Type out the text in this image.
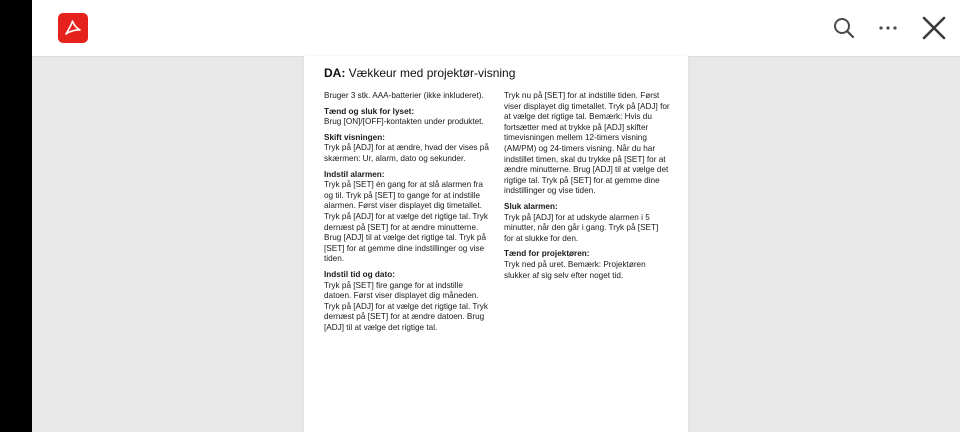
DA: Vækkeur med projektør-visning

Bruger 3 stk. AAA-batterier (ikke inkluderet).

Tænd og sluk for lyset:
Brug [ON]/[OFF]-kontakten under produktet.

Skift visningen:
Tryk på [ADJ] for at ændre, hvad der vises på skærmen: Ur, alarm, dato og sekunder.

Indstil alarmen:
Tryk på [SET] én gang for at slå alarmen fra og til. Tryk på [SET] to gange for at indstille alarmen. Først viser displayet dig timetallet. Tryk på [ADJ] for at vælge det rigtige tal. Tryk dernæst på [SET] for at ændre minutterne. Brug [ADJ] til at vælge det rigtige tal. Tryk på [SET] for at gemme dine indstillinger og vise tiden.

Indstil tid og dato:
Tryk på [SET] fire gange for at indstille datoen. Først viser displayet dig måneden. Tryk på [ADJ] for at vælge det rigtige tal. Tryk dernæst på [SET] for at ændre datoen. Brug [ADJ] til at vælge det rigtige tal.

Tryk nu på [SET] for at indstille tiden. Først viser displayet dig timetallet. Tryk på [ADJ] for at vælge det rigtige tal. Bemærk: Hvis du fortsætter med at trykke på [ADJ] skifter timevisningen mellem 12-timers visning (AM/PM) og 24-timers visning. Når du har indstillet timen, skal du trykke på [SET] for at ændre minutterne. Brug [ADJ] til at vælge det rigtige tal. Tryk på [SET] for at gemme dine indstillinger og vise tiden.

Sluk alarmen:
Tryk på [ADJ] for at udskyde alarmen i 5 minutter, når den går i gang. Tryk på [SET] for at slukke for den.

Tænd for projektøren:
Tryk ned på uret. Bemærk: Projektøren slukker af sig selv efter noget tid.
